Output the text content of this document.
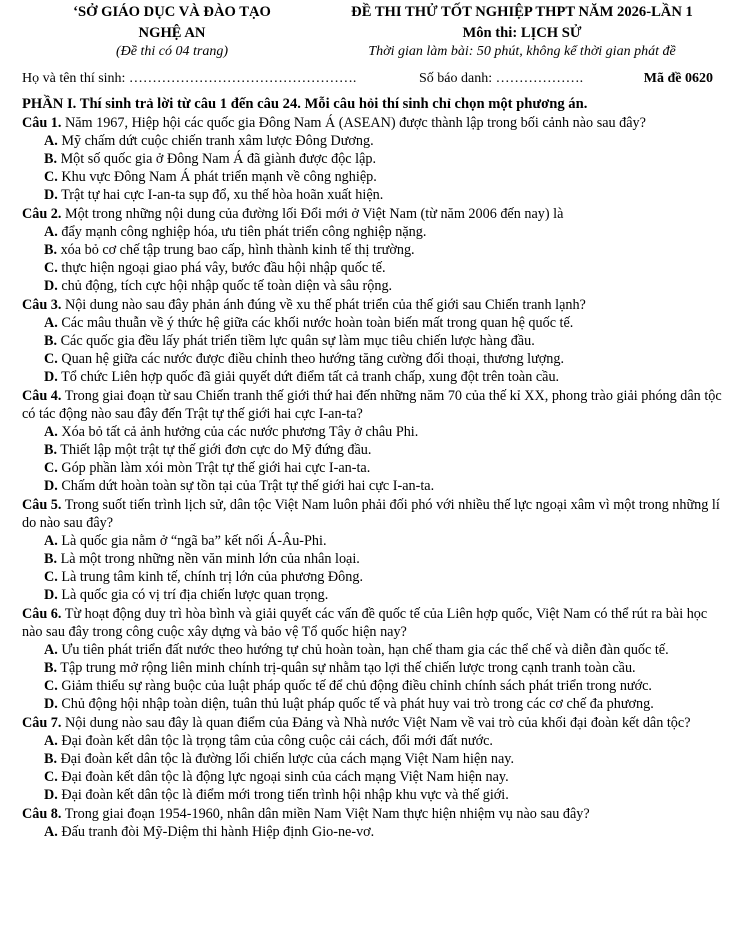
‘SỞ GIÁO DỤC VÀ ĐÀO TẠO	ĐỀ THI THỬ TỐT NGHIỆP THPT NĂM 2026-LẦN 1
NGHỆ AN	Môn thi: LỊCH SỬ
(Đề thi có 04 trang)	Thời gian làm bài: 50 phút, không kể thời gian phát đề
Họ và tên thí sinh: ………………………………………….	Số báo danh: ……………….	Mã đề 0620
PHẦN I. Thí sinh trả lời từ câu 1 đến câu 24. Mỗi câu hỏi thí sinh chỉ chọn một phương án.

Câu 1. Năm 1967, Hiệp hội các quốc gia Đông Nam Á (ASEAN) được thành lập trong bối cảnh nào sau đây?

A. Mỹ chấm dứt cuộc chiến tranh xâm lược Đông Dương.

B. Một số quốc gia ở Đông Nam Á đã giành được độc lập.

C. Khu vực Đông Nam Á phát triển mạnh về công nghiệp.

D. Trật tự hai cực I-an-ta sụp đổ, xu thế hòa hoãn xuất hiện.

Câu 2. Một trong những nội dung của đường lối Đổi mới ở Việt Nam (từ năm 2006 đến nay) là

A. đẩy mạnh công nghiệp hóa, ưu tiên phát triển công nghiệp nặng.

B. xóa bỏ cơ chế tập trung bao cấp, hình thành kinh tế thị trường.

C. thực hiện ngoại giao phá vây, bước đầu hội nhập quốc tế.

D. chủ động, tích cực hội nhập quốc tế toàn diện và sâu rộng.

Câu 3. Nội dung nào sau đây phản ánh đúng về xu thế phát triển của thế giới sau Chiến tranh lạnh?

A. Các mâu thuẫn về ý thức hệ giữa các khối nước hoàn toàn biến mất trong quan hệ quốc tế.

B. Các quốc gia đều lấy phát triển tiềm lực quân sự làm mục tiêu chiến lược hàng đầu.

C. Quan hệ giữa các nước được điều chỉnh theo hướng tăng cường đối thoại, thương lượng.

D. Tổ chức Liên hợp quốc đã giải quyết dứt điểm tất cả tranh chấp, xung đột trên toàn cầu.

Câu 4. Trong giai đoạn từ sau Chiến tranh thế giới thứ hai đến những năm 70 của thế kỉ XX, phong trào giải phóng dân tộc có tác động nào sau đây đến Trật tự thế giới hai cực I-an-ta?

A. Xóa bỏ tất cả ảnh hưởng của các nước phương Tây ở châu Phi.

B. Thiết lập một trật tự thế giới đơn cực do Mỹ đứng đầu.

C. Góp phần làm xói mòn Trật tự thế giới hai cực I-an-ta.

D. Chấm dứt hoàn toàn sự tồn tại của Trật tự thế giới hai cực I-an-ta.

Câu 5. Trong suốt tiến trình lịch sử, dân tộc Việt Nam luôn phải đối phó với nhiều thế lực ngoại xâm vì một trong những lí do nào sau đây?

A. Là quốc gia nằm ở “ngã ba” kết nối Á-Âu-Phi.

B. Là một trong những nền văn minh lớn của nhân loại.

C. Là trung tâm kinh tế, chính trị lớn của phương Đông.

D. Là quốc gia có vị trí địa chiến lược quan trọng.

Câu 6. Từ hoạt động duy trì hòa bình và giải quyết các vấn đề quốc tế của Liên hợp quốc, Việt Nam có thể rút ra bài học nào sau đây trong công cuộc xây dựng và bảo vệ Tổ quốc hiện nay?

A. Ưu tiên phát triển đất nước theo hướng tự chủ hoàn toàn, hạn chế tham gia các thể chế và diễn đàn quốc tế.

B. Tập trung mở rộng liên minh chính trị-quân sự nhằm tạo lợi thế chiến lược trong cạnh tranh toàn cầu.

C. Giảm thiểu sự ràng buộc của luật pháp quốc tế để chủ động điều chỉnh chính sách phát triển trong nước.

D. Chủ động hội nhập toàn diện, tuân thủ luật pháp quốc tế và phát huy vai trò trong các cơ chế đa phương.

Câu 7. Nội dung nào sau đây là quan điểm của Đảng và Nhà nước Việt Nam về vai trò của khối đại đoàn kết dân tộc?

A. Đại đoàn kết dân tộc là trọng tâm của công cuộc cải cách, đổi mới đất nước.

B. Đại đoàn kết dân tộc là đường lối chiến lược của cách mạng Việt Nam hiện nay.

C. Đại đoàn kết dân tộc là động lực ngoại sinh của cách mạng Việt Nam hiện nay.

D. Đại đoàn kết dân tộc là điểm mới trong tiến trình hội nhập khu vực và thế giới.

Câu 8. Trong giai đoạn 1954-1960, nhân dân miền Nam Việt Nam thực hiện nhiệm vụ nào sau đây?

A. Đấu tranh đòi Mỹ-Diệm thi hành Hiệp định Gio-ne-vơ.
